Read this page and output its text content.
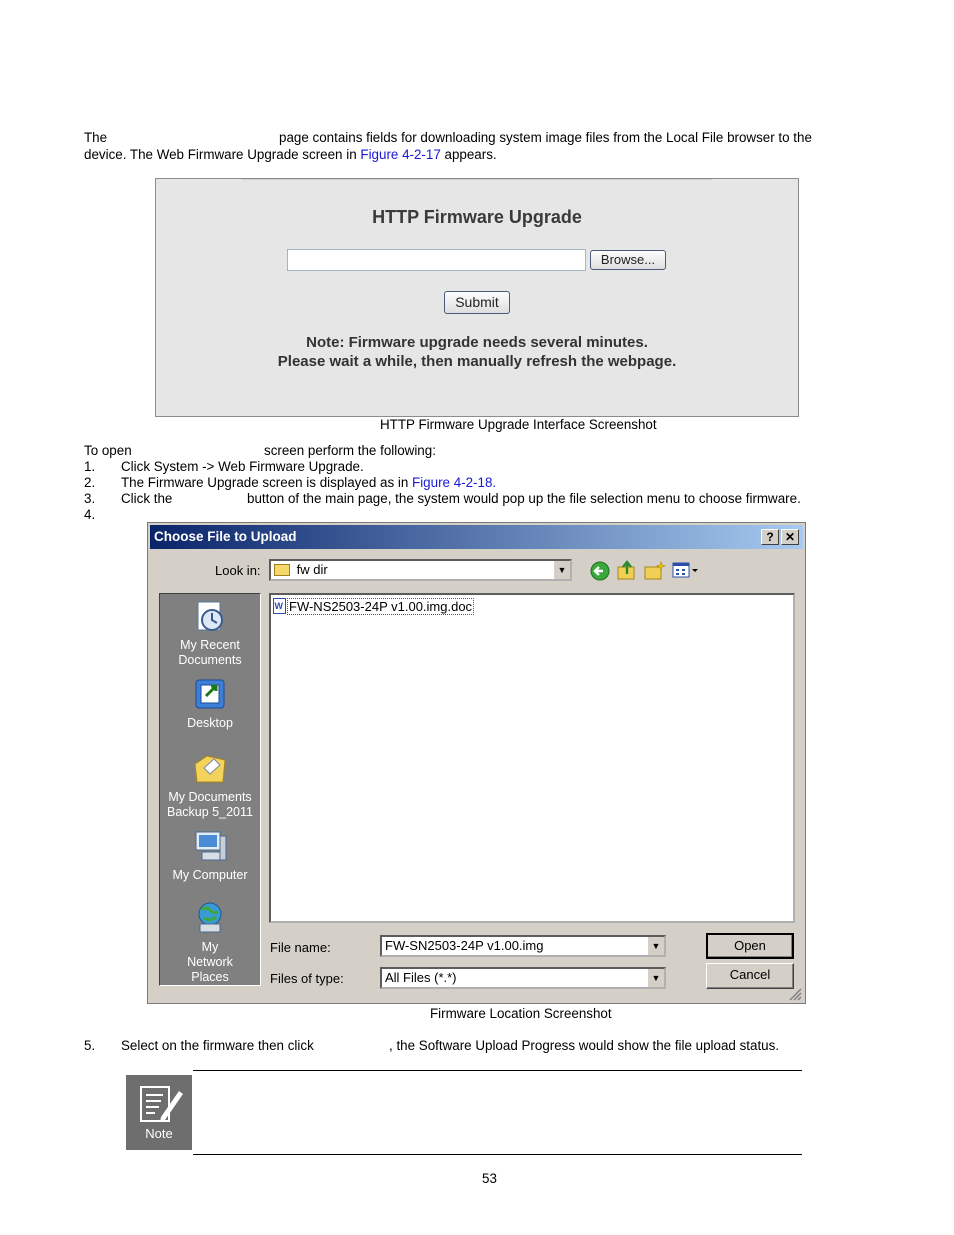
The	page contains fields for downloading system image files from the Local File browser to the
device. The Web Firmware Upgrade screen in Figure 4-2-17 appears.
HTTP Firmware Upgrade
Browse...
Submit
Note: Firmware upgrade needs several minutes.
Please wait a while, then manually refresh the webpage.
HTTP Firmware Upgrade Interface Screenshot
To open	screen perform the following:
1. Click System -> Web Firmware Upgrade.
2. The Firmware Upgrade screen is displayed as in Figure 4-2-18.
3. Click the	button of the main page, the system would pop up the file selection menu to choose firmware.
4.
Choose File to Upload	? ✕
Look in:	fw dir	▼
My Recent Documents
Desktop
My Documents Backup 5_2011
My Computer
My Network Places
W FW-NS2503-24P v1.00.img.doc
File name:	FW-SN2503-24P v1.00.img	▼
Files of type:	All Files (*.*)	▼
Open
Cancel
Firmware Location Screenshot
5. Select on the firmware then click	, the Software Upload Progress would show the file upload status.
Note
53
